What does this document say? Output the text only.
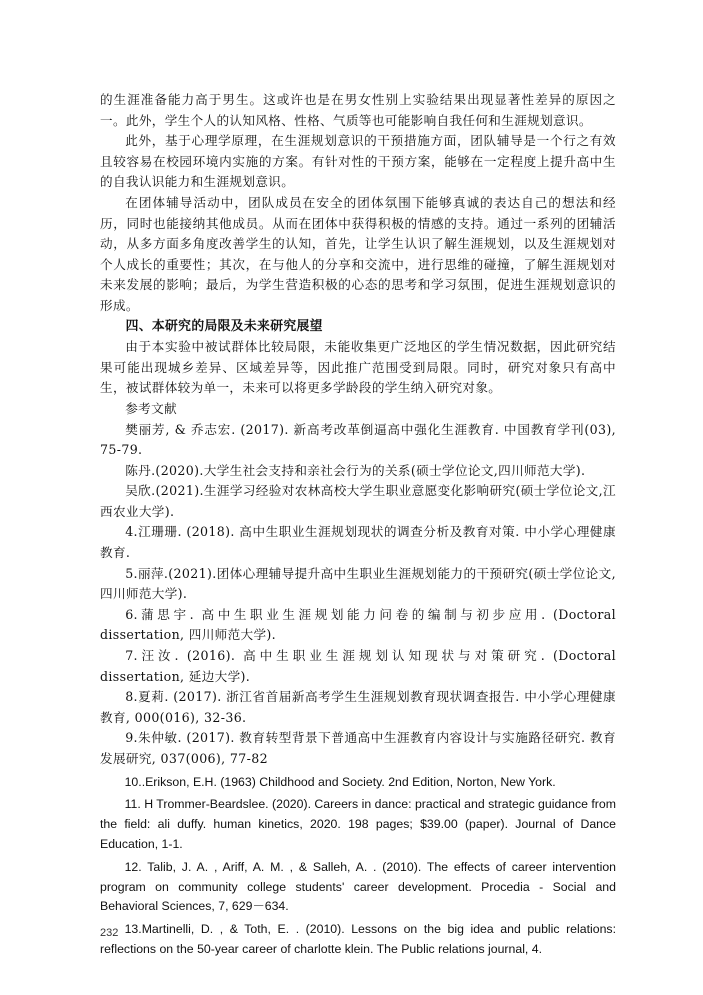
的生涯准备能力高于男生。这或许也是在男女性别上实验结果出现显著性差异的原因之一。此外，学生个人的认知风格、性格、气质等也可能影响自我任何和生涯规划意识。

此外，基于心理学原理，在生涯规划意识的干预措施方面，团队辅导是一个行之有效且较容易在校园环境内实施的方案。有针对性的干预方案，能够在一定程度上提升高中生的自我认识能力和生涯规划意识。

在团体辅导活动中，团队成员在安全的团体氛围下能够真诚的表达自己的想法和经历，同时也能接纳其他成员。从而在团体中获得积极的情感的支持。通过一系列的团辅活动，从多方面多角度改善学生的认知，首先，让学生认识了解生涯规划，以及生涯规划对个人成长的重要性；其次，在与他人的分享和交流中，进行思维的碰撞，了解生涯规划对未来发展的影响；最后，为学生营造积极的心态的思考和学习氛围，促进生涯规划意识的形成。

四、本研究的局限及未来研究展望

由于本实验中被试群体比较局限，未能收集更广泛地区的学生情况数据，因此研究结果可能出现城乡差异、区域差异等，因此推广范围受到局限。同时，研究对象只有高中生，被试群体较为单一，未来可以将更多学龄段的学生纳入研究对象。

参考文献

樊丽芳, & 乔志宏. (2017). 新高考改革倒逼高中强化生涯教育. 中国教育学刊(03), 75-79.

陈丹.(2020).大学生社会支持和亲社会行为的关系(硕士学位论文,四川师范大学).

吴欣.(2021).生涯学习经验对农林高校大学生职业意愿变化影响研究(硕士学位论文,江西农业大学).

4.江珊珊. (2018). 高中生职业生涯规划现状的调查分析及教育对策. 中小学心理健康教育.

5.丽萍.(2021).团体心理辅导提升高中生职业生涯规划能力的干预研究(硕士学位论文,四川师范大学).

6.蒲思宇. 高中生职业生涯规划能力问卷的编制与初步应用. (Doctoral dissertation, 四川师范大学).

7.汪汝. (2016). 高中生职业生涯规划认知现状与对策研究. (Doctoral dissertation, 延边大学).

8.夏莉. (2017). 浙江省首届新高考学生生涯规划教育现状调查报告. 中小学心理健康教育, 000(016), 32-36.

9.朱仲敏. (2017). 教育转型背景下普通高中生涯教育内容设计与实施路径研究. 教育发展研究, 037(006), 77-82

10..Erikson, E.H. (1963) Childhood and Society. 2nd Edition, Norton, New York.

11. H Trommer-Beardslee. (2020). Careers in dance: practical and strategic guidance from the field: ali duffy. human kinetics, 2020. 198 pages; $39.00 (paper). Journal of Dance Education, 1-1.

12. Talib, J. A. , Ariff, A. M. , & Salleh, A. . (2010). The effects of career intervention program on community college students' career development. Procedia - Social and Behavioral Sciences, 7, 629－634.

13.Martinelli, D. , & Toth, E. . (2010). Lessons on the big idea and public relations: reflections on the 50-year career of charlotte klein. The Public relations journal, 4.

232
